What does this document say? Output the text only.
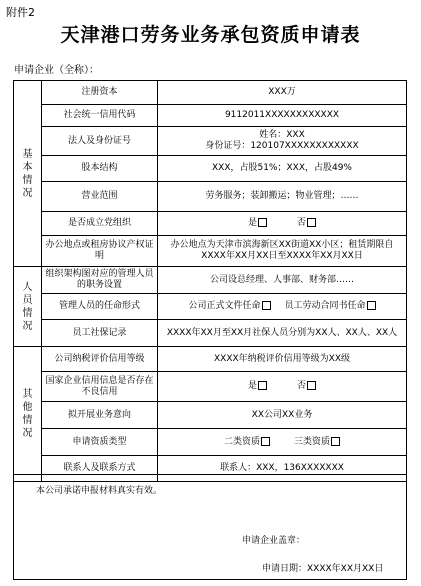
附件2
天津港口劳务业务承包资质申请表
申请企业（全称）：
基本情况	注册资本	XXX万
	社会统一信用代码	9112011XXXXXXXXXXXX
	法人及身份证号	姓名：XXX
身份证号：120107XXXXXXXXXXXX

	股本结构	XXX，占股51%；XXX，占股49%
	营业范围	劳务服务；装卸搬运；物业管理；……
	是否成立党组织	是 否

	办公地点或租房协议产权证明	办公地点为天津市滨海新区XX街道XX小区；租赁期限自XXXX年XX月XX日至XXXX年XX月XX日

人员情况	组织架构图对应的管理人员的职务设置	公司设总经理、人事部、财务部……
	管理人员的任命形式	公司正式文件任命 员工劳动合同书任命

	员工社保记录	XXXX年XX月至XX月社保人员分别为XX人、XX人、XX人

其他情况	公司纳税评价信用等级	XXXX年纳税评价信用等级为XX级
	国家企业信用信息是否存在不良信用	是 否

	拟开展业务意向	XX公司XX业务
	申请资质类型	二类资质 三类资质

	联系人及联系方式	联系人：XXX，136XXXXXXX
本公司承诺申报材料真实有效。
申请企业盖章：
申请日期：XXXX年XX月XX日
